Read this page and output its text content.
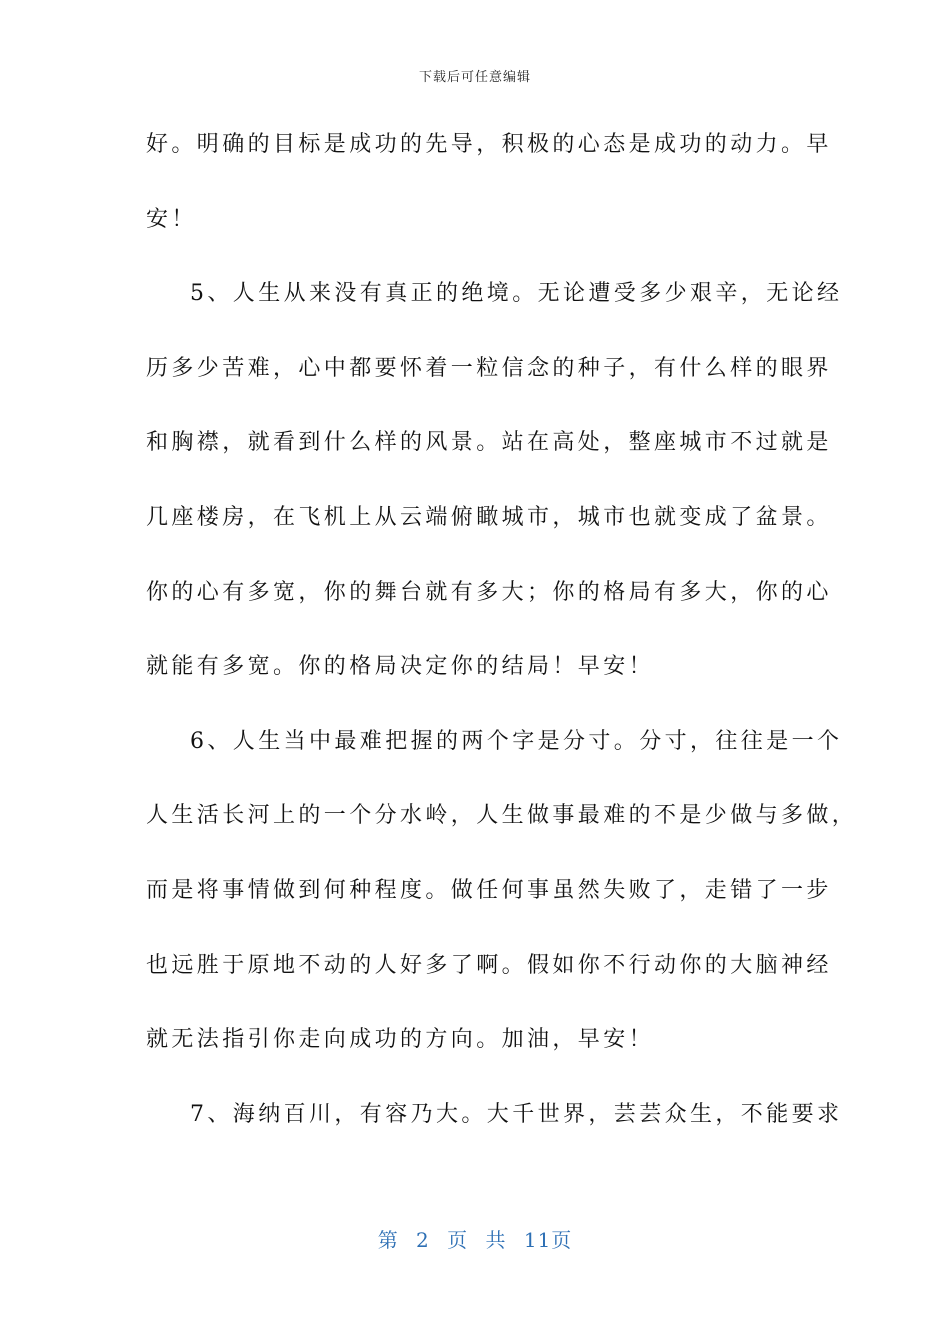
下载后可任意编辑
好。明确的目标是成功的先导，积极的心态是成功的动力。早
安！
5、人生从来没有真正的绝境。无论遭受多少艰辛，无论经
历多少苦难，心中都要怀着一粒信念的种子，有什么样的眼界
和胸襟，就看到什么样的风景。站在高处，整座城市不过就是
几座楼房，在飞机上从云端俯瞰城市，城市也就变成了盆景。
你的心有多宽，你的舞台就有多大；你的格局有多大，你的心
就能有多宽。你的格局决定你的结局！早安！
6、人生当中最难把握的两个字是分寸。分寸，往往是一个
人生活长河上的一个分水岭，人生做事最难的不是少做与多做，
而是将事情做到何种程度。做任何事虽然失败了，走错了一步
也远胜于原地不动的人好多了啊。假如你不行动你的大脑神经
就无法指引你走向成功的方向。加油，早安！
7、海纳百川，有容乃大。大千世界，芸芸众生，不能要求
第 2 页 共 11页
